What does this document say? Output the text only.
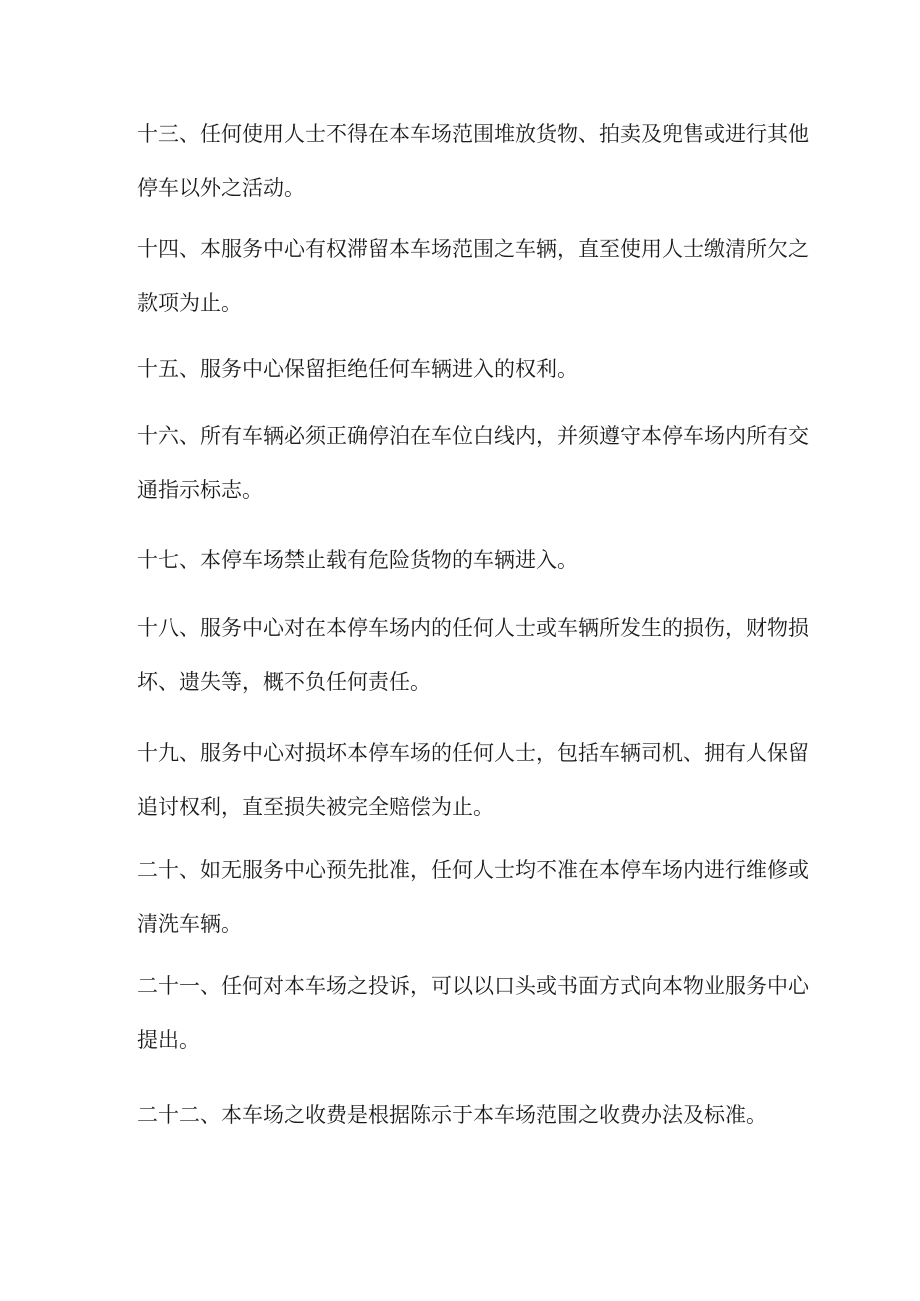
十三、任何使用人士不得在本车场范围堆放货物、拍卖及兜售或进行其他
停车以外之活动。

十四、本服务中心有权滞留本车场范围之车辆，直至使用人士缴清所欠之
款项为止。

十五、服务中心保留拒绝任何车辆进入的权利。

十六、所有车辆必须正确停泊在车位白线内，并须遵守本停车场内所有交
通指示标志。

十七、本停车场禁止载有危险货物的车辆进入。

十八、服务中心对在本停车场内的任何人士或车辆所发生的损伤，财物损
坏、遗失等，概不负任何责任。

十九、服务中心对损坏本停车场的任何人士，包括车辆司机、拥有人保留
追讨权利，直至损失被完全赔偿为止。

二十、如无服务中心预先批准，任何人士均不准在本停车场内进行维修或
清洗车辆。

二十一、任何对本车场之投诉，可以以口头或书面方式向本物业服务中心
提出。

二十二、本车场之收费是根据陈示于本车场范围之收费办法及标准。
